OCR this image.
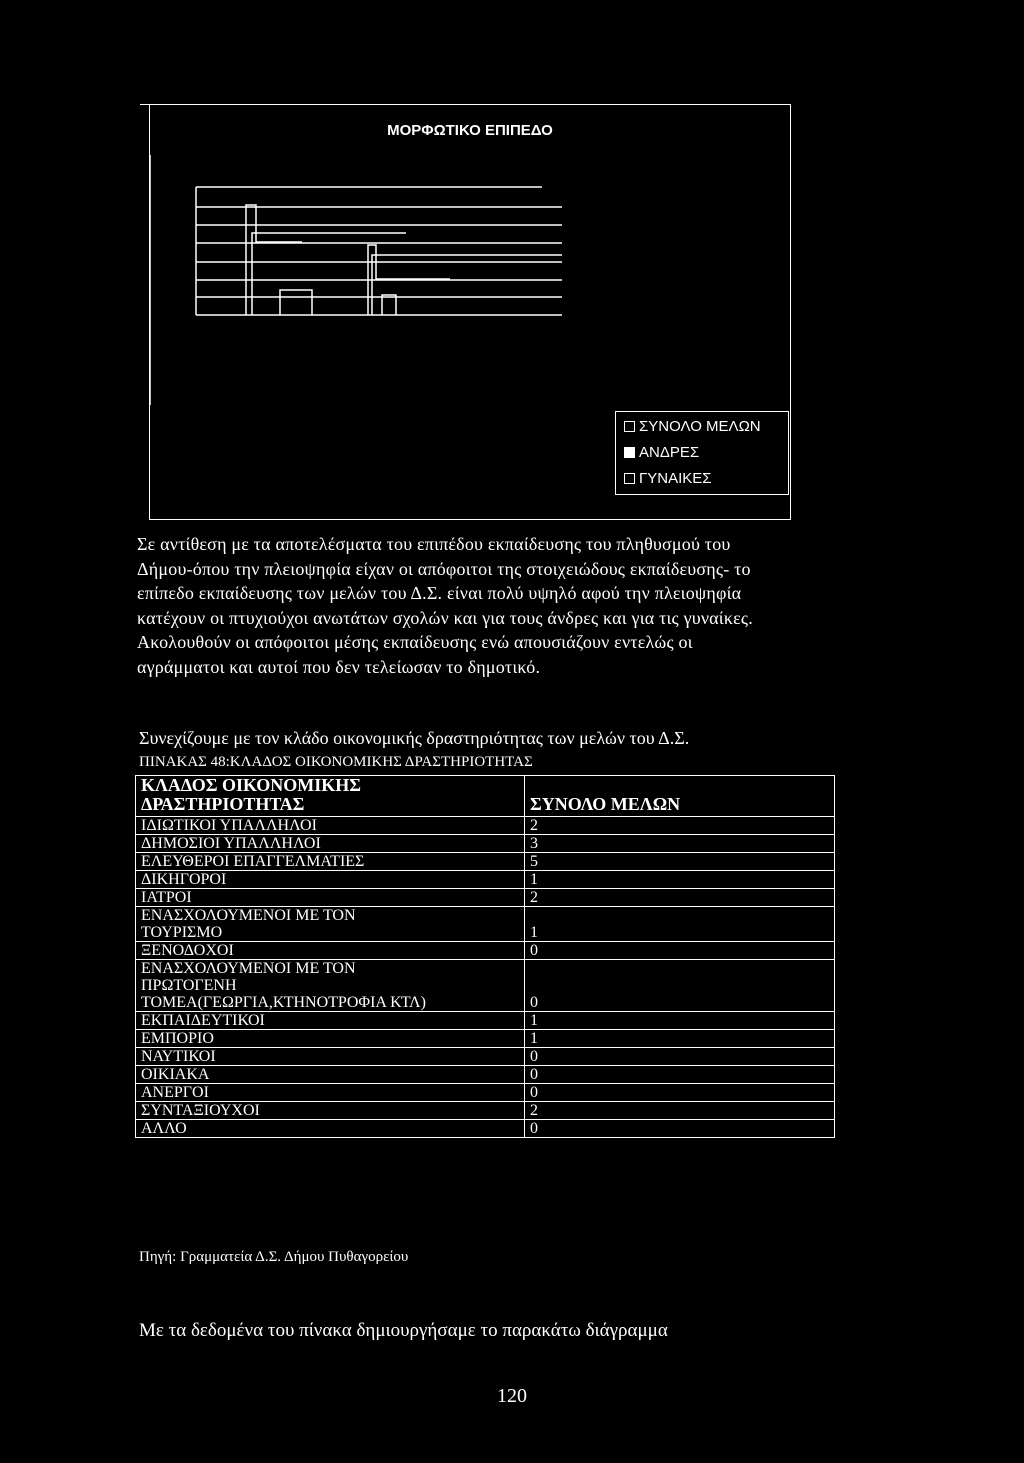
ΜΟΡΦΩΤΙΚΟ ΕΠΙΠΕΔΟ
ΣΥΝΟΛΟ ΜΕΛΩΝ
ΑΝΔΡΕΣ
ΓΥΝΑΙΚΕΣ

Σε αντίθεση με τα αποτελέσματα του επιπέδου εκπαίδευσης του πληθυσμού του

Δήμου-όπου την πλειοψηφία είχαν οι απόφοιτοι της στοιχειώδους εκπαίδευσης- το

επίπεδο εκπαίδευσης των μελών του Δ.Σ. είναι πολύ υψηλό αφού την πλειοψηφία

κατέχουν οι πτυχιούχοι ανωτάτων σχολών και για τους άνδρες και για τις γυναίκες.

Ακολουθούν οι απόφοιτοι μέσης εκπαίδευσης ενώ απουσιάζουν εντελώς οι

αγράμματοι και αυτοί που δεν τελείωσαν το δημοτικό.

Συνεχίζουμε με τον κλάδο οικονομικής δραστηριότητας των μελών του Δ.Σ.
ΠΙΝΑΚΑΣ 48:ΚΛΑΔΟΣ ΟΙΚΟΝΟΜΙΚΗΣ ΔΡΑΣΤΗΡΙΟΤΗΤΑΣ
ΚΛΑΔΟΣ ΟΙΚΟΝΟΜΙΚΗΣ
ΔΡΑΣΤΗΡΙΟΤΗΤΑΣ	ΣΥΝΟΛΟ ΜΕΛΩΝ

ΙΔΙΩΤΙΚΟΙ ΥΠΑΛΛΗΛΟΙ	2

ΔΗΜΟΣΙΟΙ ΥΠΑΛΛΗΛΟΙ	3

ΕΛΕΥΘΕΡΟΙ ΕΠΑΓΓΕΛΜΑΤΙΕΣ	5

ΔΙΚΗΓΟΡΟΙ	1

ΙΑΤΡΟΙ	2

ΕΝΑΣΧΟΛΟΥΜΕΝΟΙ ΜΕ ΤΟΝ
ΤΟΥΡΙΣΜΟ	1

ΞΕΝΟΔΟΧΟΙ	0

ΕΝΑΣΧΟΛΟΥΜΕΝΟΙ ΜΕ ΤΟΝ
ΠΡΩΤΟΓΕΝΗ
ΤΟΜΕΑ(ΓΕΩΡΓΙΑ,ΚΤΗΝΟΤΡΟΦΙΑ ΚΤΛ)	0

ΕΚΠΑΙΔΕΥΤΙΚΟΙ	1

ΕΜΠΟΡΙΟ	1

ΝΑΥΤΙΚΟΙ	0

ΟΙΚΙΑΚΑ	0

ΑΝΕΡΓΟΙ	0

ΣΥΝΤΑΞΙΟΥΧΟΙ	2

ΑΛΛΟ	0
Πηγή: Γραμματεία Δ.Σ. Δήμου Πυθαγορείου
Με τα δεδομένα του πίνακα δημιουργήσαμε το παρακάτω διάγραμμα
120
